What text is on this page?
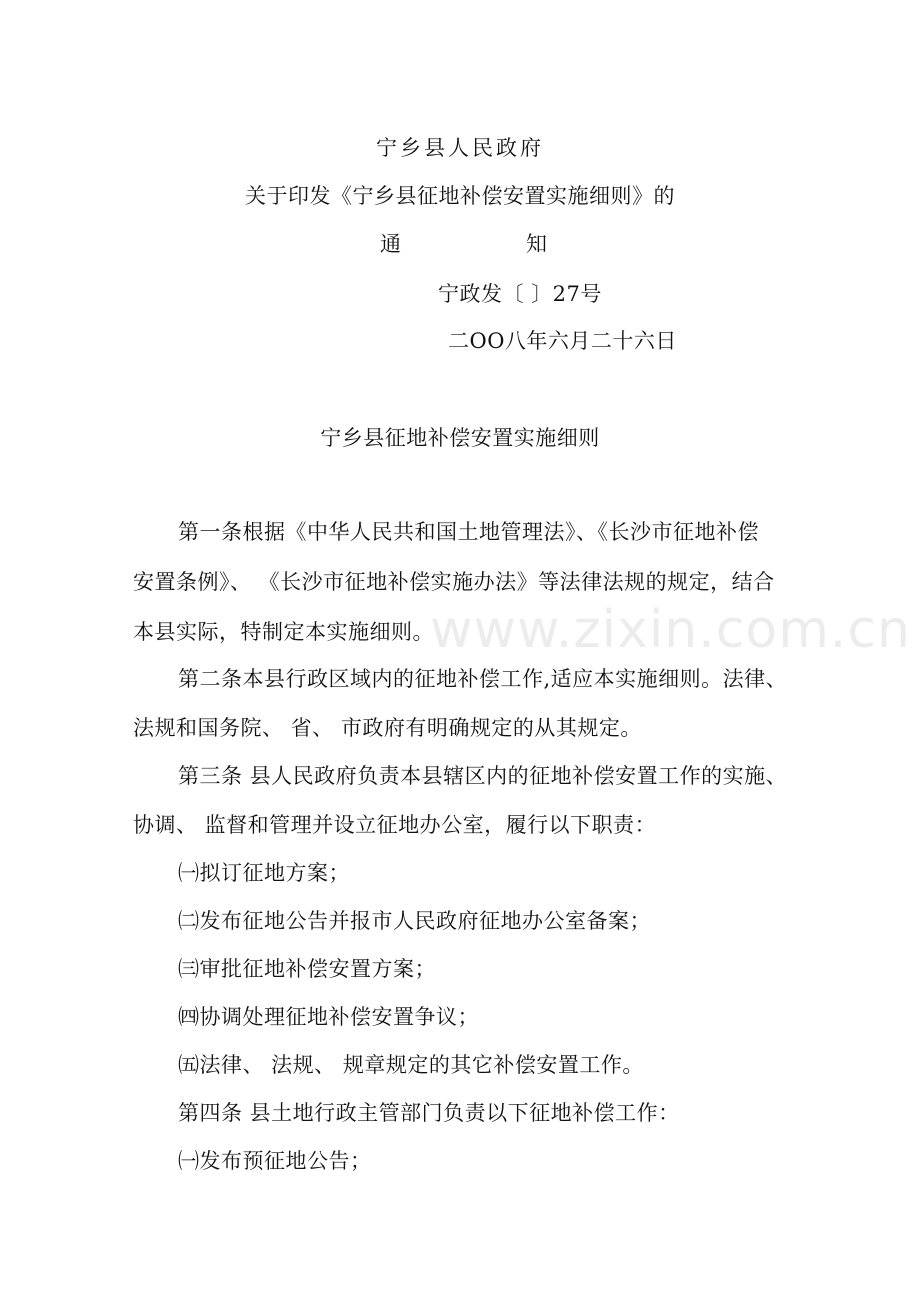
宁乡县人民政府
关于印发《宁乡县征地补偿安置实施细则》的
通	知
宁政发〔 〕27号
二OO八年六月二十六日
宁乡县征地补偿安置实施细则
第一条根据《中华人民共和国土地管理法》、《长沙市征地补偿
安置条例》、 《长沙市征地补偿实施办法》等法律法规的规定，结合
本县实际，特制定本实施细则。
第二条本县行政区域内的征地补偿工作,适应本实施细则。法律、
法规和国务院、 省、 市政府有明确规定的从其规定。
第三条 县人民政府负责本县辖区内的征地补偿安置工作的实施、
协调、 监督和管理并设立征地办公室，履行以下职责：
㈠拟订征地方案；
㈡发布征地公告并报市人民政府征地办公室备案；
㈢审批征地补偿安置方案；
㈣协调处理征地补偿安置争议；
㈤法律、 法规、 规章规定的其它补偿安置工作。
第四条 县土地行政主管部门负责以下征地补偿工作：
㈠发布预征地公告；
www.zixin.com.cn
